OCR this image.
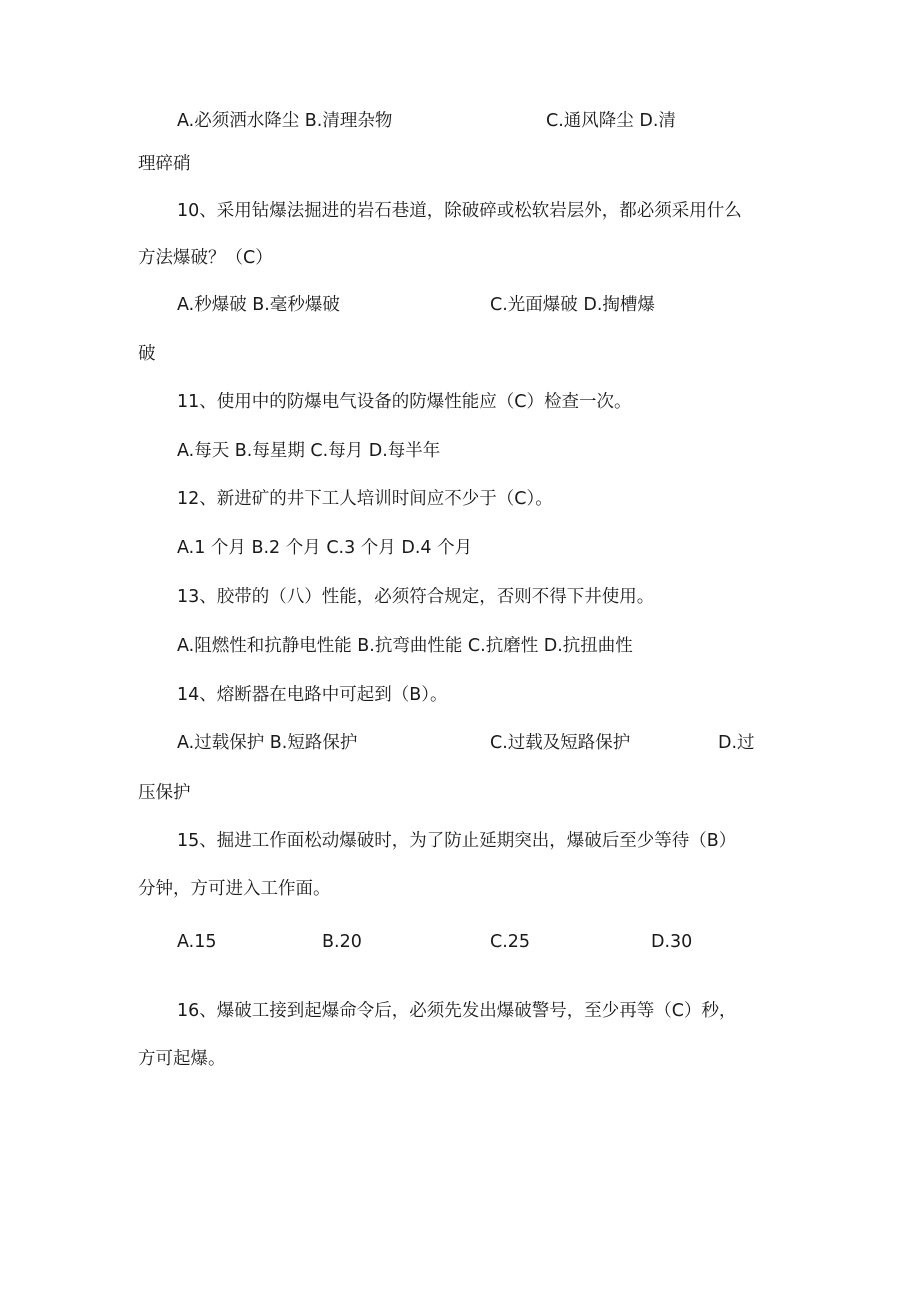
A.必须洒水降尘 B.清理杂物	C.通风降尘 D.清
理碎硝
10、采用钻爆法掘进的岩石巷道，除破碎或松软岩层外，都必须采用什么
方法爆破？（C）
A.秒爆破 B.毫秒爆破	C.光面爆破 D.掏槽爆
破
11、使用中的防爆电气设备的防爆性能应（C）检查一次。
A.每天 B.每星期 C.每月 D.每半年
12、新进矿的井下工人培训时间应不少于（C）。
A.1 个月 B.2 个月 C.3 个月 D.4 个月
13、胶带的（八）性能，必须符合规定，否则不得下井使用。
A.阻燃性和抗静电性能 B.抗弯曲性能 C.抗磨性 D.抗扭曲性
14、熔断器在电路中可起到（B）。
A.过载保护 B.短路保护	C.过载及短路保护	D.过
压保护
15、掘进工作面松动爆破时，为了防止延期突出，爆破后至少等待（B）
分钟，方可进入工作面。
A.15	B.20	C.25	D.30
16、爆破工接到起爆命令后，必须先发出爆破警号，至少再等（C）秒，
方可起爆。
